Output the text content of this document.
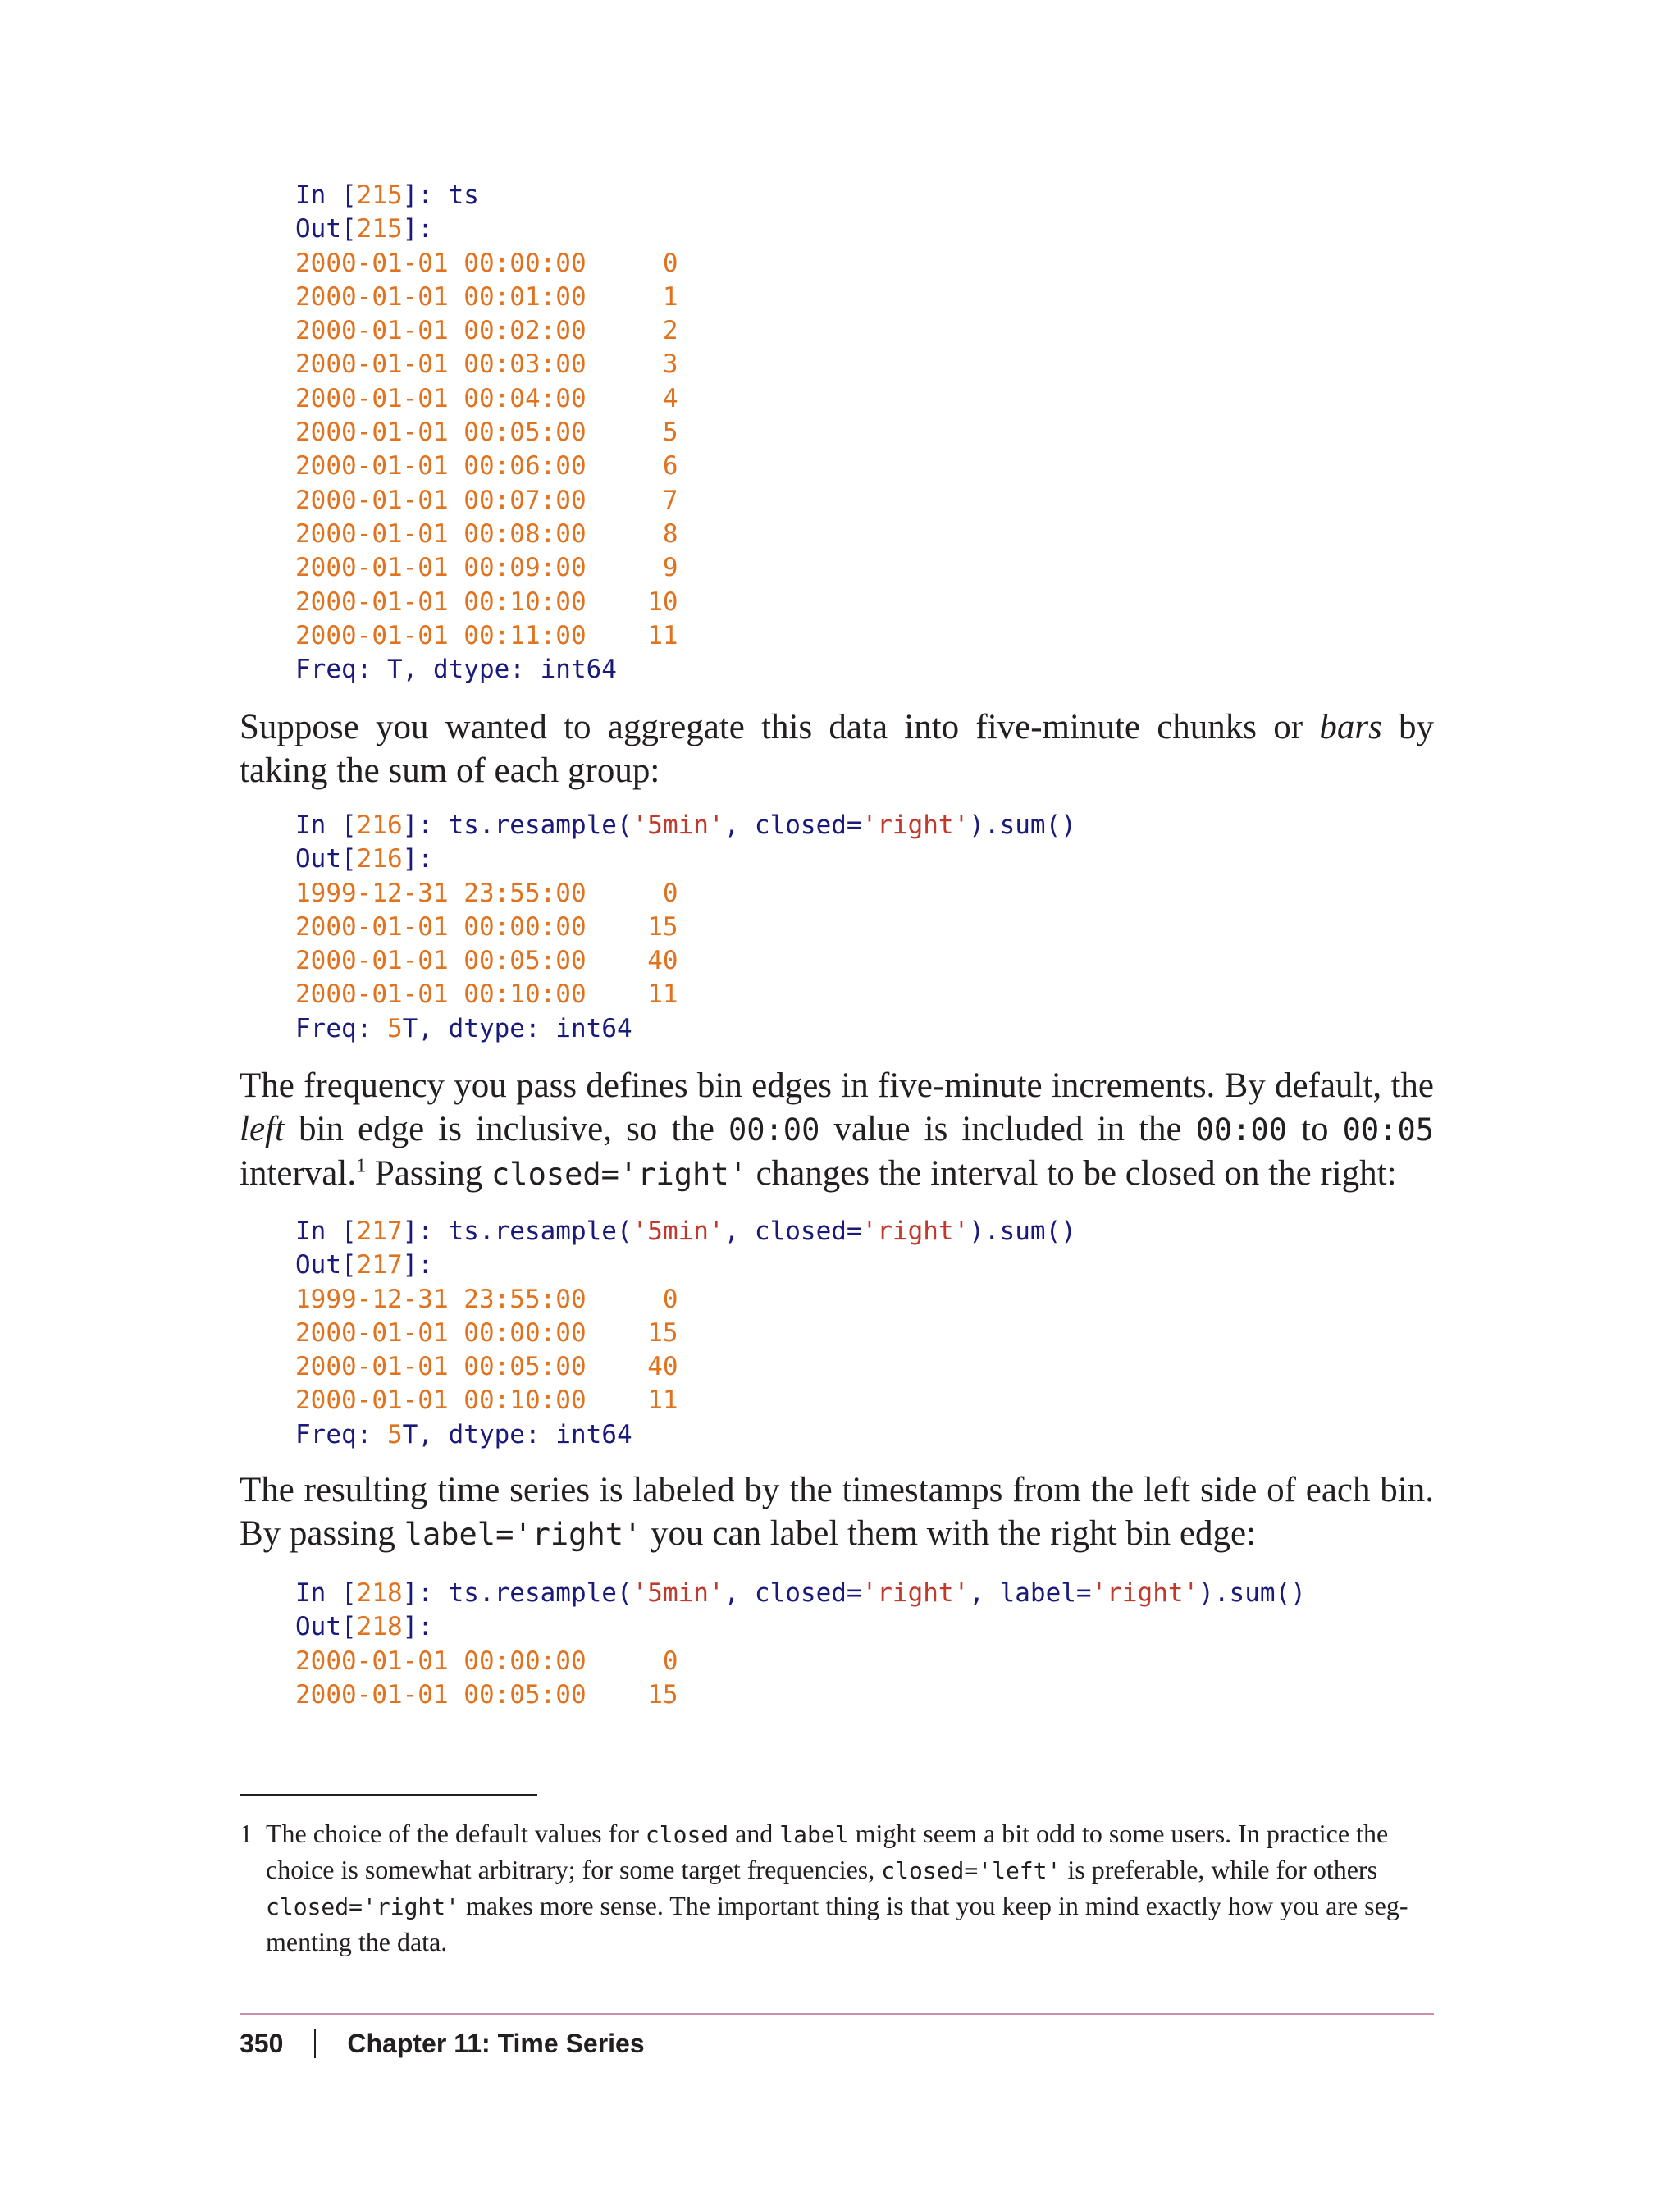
In [215]: ts
Out[215]:
2000-01-01 00:00:00     0
2000-01-01 00:01:00     1
2000-01-01 00:02:00     2
2000-01-01 00:03:00     3
2000-01-01 00:04:00     4
2000-01-01 00:05:00     5
2000-01-01 00:06:00     6
2000-01-01 00:07:00     7
2000-01-01 00:08:00     8
2000-01-01 00:09:00     9
2000-01-01 00:10:00    10
2000-01-01 00:11:00    11
Freq: T, dtype: int64
Suppose you wanted to aggregate this data into five-minute chunks or bars by taking the sum of each group:
In [216]: ts.resample('5min', closed='right').sum()
Out[216]:
1999-12-31 23:55:00     0
2000-01-01 00:00:00    15
2000-01-01 00:05:00    40
2000-01-01 00:10:00    11
Freq: 5T, dtype: int64
The frequency you pass defines bin edges in five-minute increments. By default, the left bin edge is inclusive, so the 00:00 value is included in the 00:00 to 00:05 interval.$^1$ Passing closed='right' changes the interval to be closed on the right:
In [217]: ts.resample('5min', closed='right').sum()
Out[217]:
1999-12-31 23:55:00     0
2000-01-01 00:00:00    15
2000-01-01 00:05:00    40
2000-01-01 00:10:00    11
Freq: 5T, dtype: int64
The resulting time series is labeled by the timestamps from the left side of each bin. By passing label='right' you can label them with the right bin edge:
In [218]: ts.resample('5min', closed='right', label='right').sum()
Out[218]:
2000-01-01 00:00:00     0
2000-01-01 00:05:00    15
1 The choice of the default values for closed and label might seem a bit odd to some users. In practice the choice is somewhat arbitrary; for some target frequencies, closed='left' is preferable, while for others closed='right' makes more sense. The important thing is that you keep in mind exactly how you are seg-menting the data.
350 Chapter 11: Time Series
